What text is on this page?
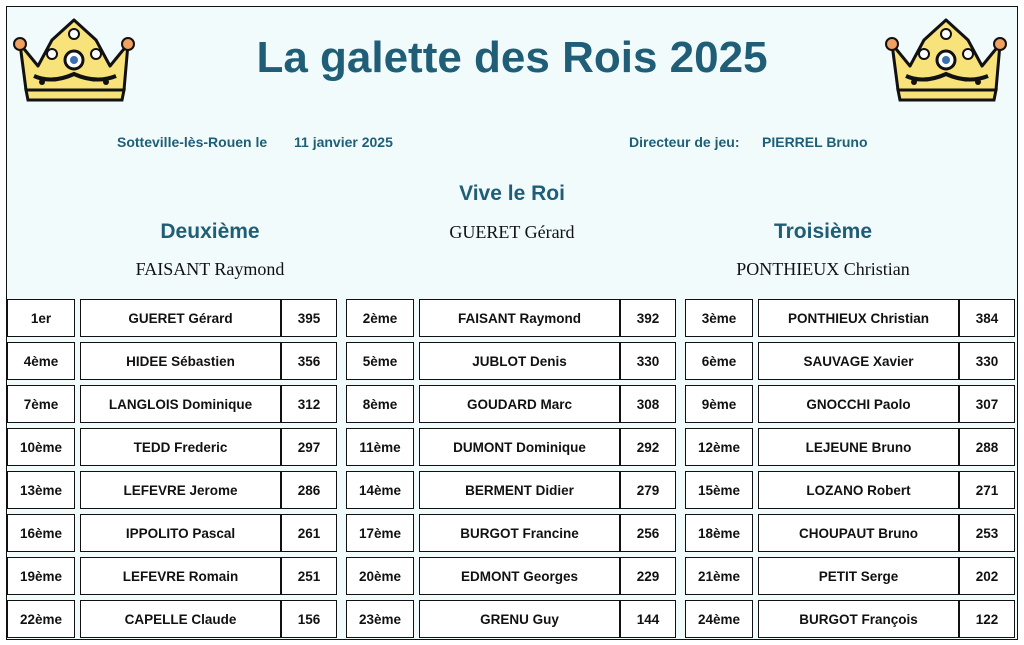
La galette des Rois 2025
Sotteville-lès-Rouen le 11 janvier 2025	Directeur de jeu: PIERREL Bruno
Vive le Roi
GUERET Gérard
Deuxième
FAISANT Raymond
Troisième
PONTHIEUX Christian
1er	GUERET Gérard	395	2ème	FAISANT Raymond	392	3ème	PONTHIEUX Christian	384
4ème	HIDEE Sébastien	356	5ème	JUBLOT Denis	330	6ème	SAUVAGE Xavier	330
7ème	LANGLOIS Dominique	312	8ème	GOUDARD Marc	308	9ème	GNOCCHI Paolo	307
10ème	TEDD Frederic	297	11ème	DUMONT Dominique	292	12ème	LEJEUNE Bruno	288
13ème	LEFEVRE Jerome	286	14ème	BERMENT Didier	279	15ème	LOZANO Robert	271
16ème	IPPOLITO Pascal	261	17ème	BURGOT Francine	256	18ème	CHOUPAUT Bruno	253
19ème	LEFEVRE Romain	251	20ème	EDMONT Georges	229	21ème	PETIT Serge	202
22ème	CAPELLE Claude	156	23ème	GRENU Guy	144	24ème	BURGOT François	122
